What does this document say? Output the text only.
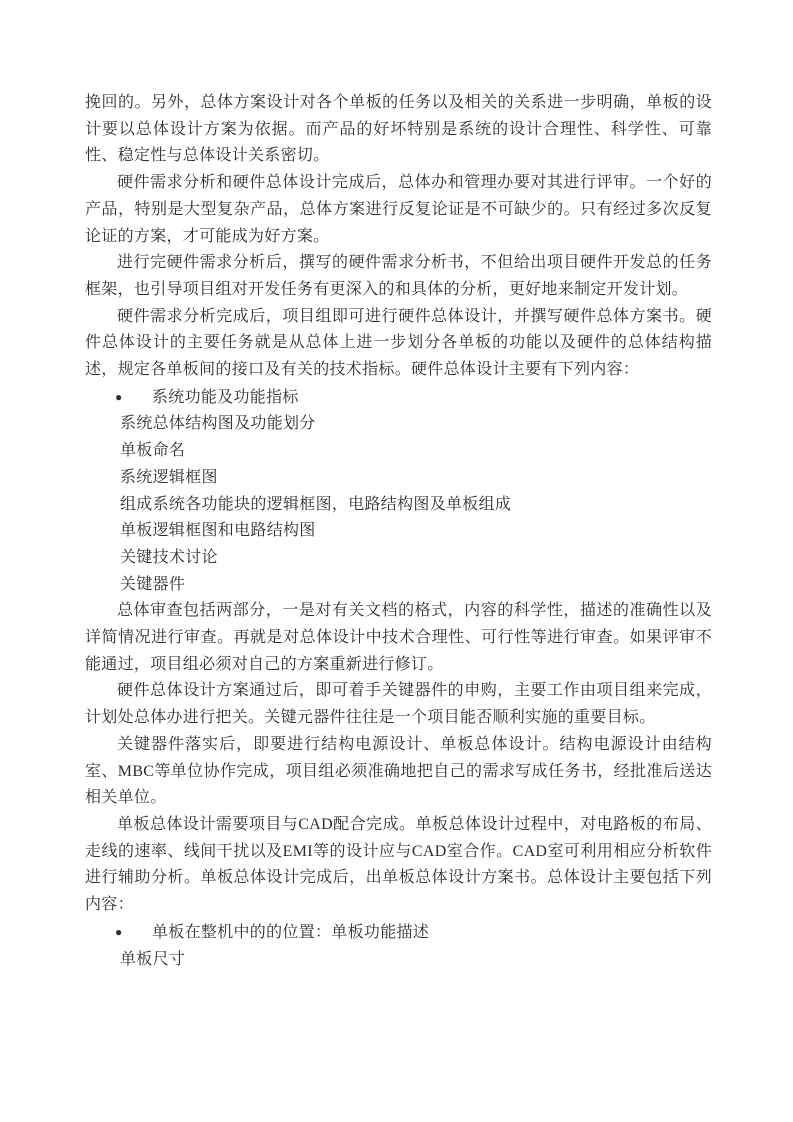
挽回的。另外，总体方案设计对各个单板的任务以及相关的关系进一步明确，单板的设计要以总体设计方案为依据。而产品的好坏特别是系统的设计合理性、科学性、可靠性、稳定性与总体设计关系密切。

硬件需求分析和硬件总体设计完成后，总体办和管理办要对其进行评审。一个好的产品，特别是大型复杂产品，总体方案进行反复论证是不可缺少的。只有经过多次反复论证的方案，才可能成为好方案。

进行完硬件需求分析后，撰写的硬件需求分析书，不但给出项目硬件开发总的任务框架，也引导项目组对开发任务有更深入的和具体的分析，更好地来制定开发计划。

硬件需求分析完成后，项目组即可进行硬件总体设计，并撰写硬件总体方案书。硬件总体设计的主要任务就是从总体上进一步划分各单板的功能以及硬件的总体结构描述，规定各单板间的接口及有关的技术指标。硬件总体设计主要有下列内容：

● 系统功能及功能指标

系统总体结构图及功能划分

单板命名

系统逻辑框图

组成系统各功能块的逻辑框图，电路结构图及单板组成

单板逻辑框图和电路结构图

关键技术讨论

关键器件

总体审查包括两部分，一是对有关文档的格式，内容的科学性，描述的准确性以及详简情况进行审查。再就是对总体设计中技术合理性、可行性等进行审查。如果评审不能通过，项目组必须对自己的方案重新进行修订。

硬件总体设计方案通过后，即可着手关键器件的申购，主要工作由项目组来完成，计划处总体办进行把关。关键元器件往往是一个项目能否顺利实施的重要目标。

关键器件落实后，即要进行结构电源设计、单板总体设计。结构电源设计由结构室、MBC等单位协作完成，项目组必须准确地把自己的需求写成任务书，经批准后送达相关单位。

单板总体设计需要项目与CAD配合完成。单板总体设计过程中，对电路板的布局、走线的速率、线间干扰以及EMI等的设计应与CAD室合作。CAD室可利用相应分析软件进行辅助分析。单板总体设计完成后，出单板总体设计方案书。总体设计主要包括下列内容：

● 单板在整机中的的位置：单板功能描述

单板尺寸
